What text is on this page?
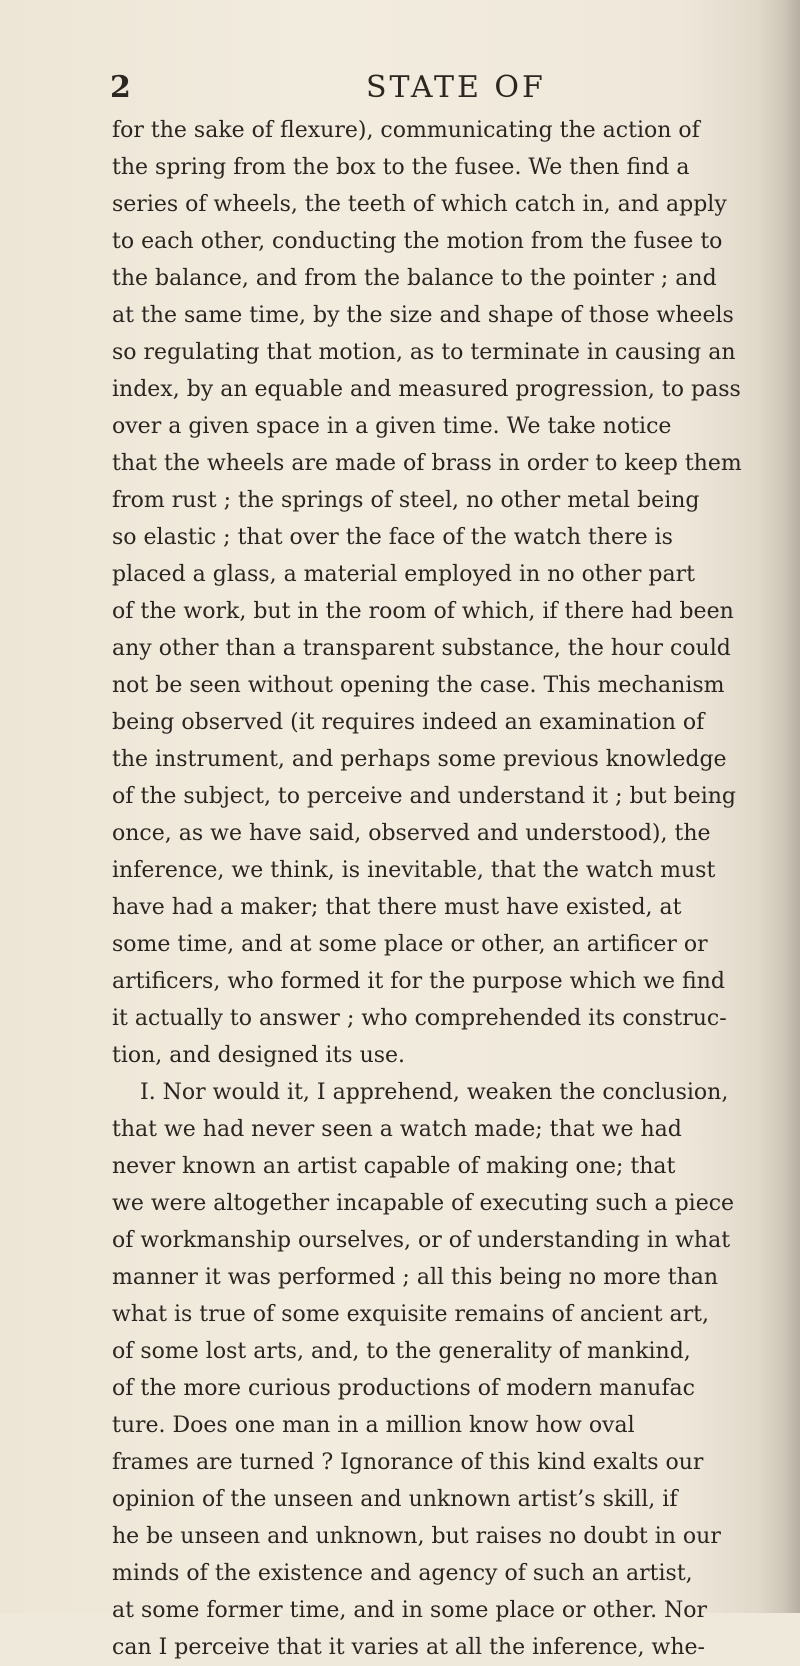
2	STATE OF
for the sake of flexure), communicating the action of
the spring from the box to the fusee. We then find a
series of wheels, the teeth of which catch in, and apply
to each other, conducting the motion from the fusee to
the balance, and from the balance to the pointer ; and
at the same time, by the size and shape of those wheels
so regulating that motion, as to terminate in causing an
index, by an equable and measured progression, to pass
over a given space in a given time. We take notice
that the wheels are made of brass in order to keep them
from rust ; the springs of steel, no other metal being
so elastic ; that over the face of the watch there is
placed a glass, a material employed in no other part
of the work, but in the room of which, if there had been
any other than a transparent substance, the hour could
not be seen without opening the case. This mechanism
being observed (it requires indeed an examination of
the instrument, and perhaps some previous knowledge
of the subject, to perceive and understand it ; but being
once, as we have said, observed and understood), the
inference, we think, is inevitable, that the watch must
have had a maker; that there must have existed, at
some time, and at some place or other, an artificer or
artificers, who formed it for the purpose which we find
it actually to answer ; who comprehended its construc-
tion, and designed its use.
I. Nor would it, I apprehend, weaken the conclusion,
that we had never seen a watch made; that we had
never known an artist capable of making one; that
we were altogether incapable of executing such a piece
of workmanship ourselves, or of understanding in what
manner it was performed ; all this being no more than
what is true of some exquisite remains of ancient art,
of some lost arts, and, to the generality of mankind,
of the more curious productions of modern manufac
ture. Does one man in a million know how oval
frames are turned ? Ignorance of this kind exalts our
opinion of the unseen and unknown artist’s skill, if
he be unseen and unknown, but raises no doubt in our
minds of the existence and agency of such an artist,
at some former time, and in some place or other. Nor
can I perceive that it varies at all the inference, whe-
